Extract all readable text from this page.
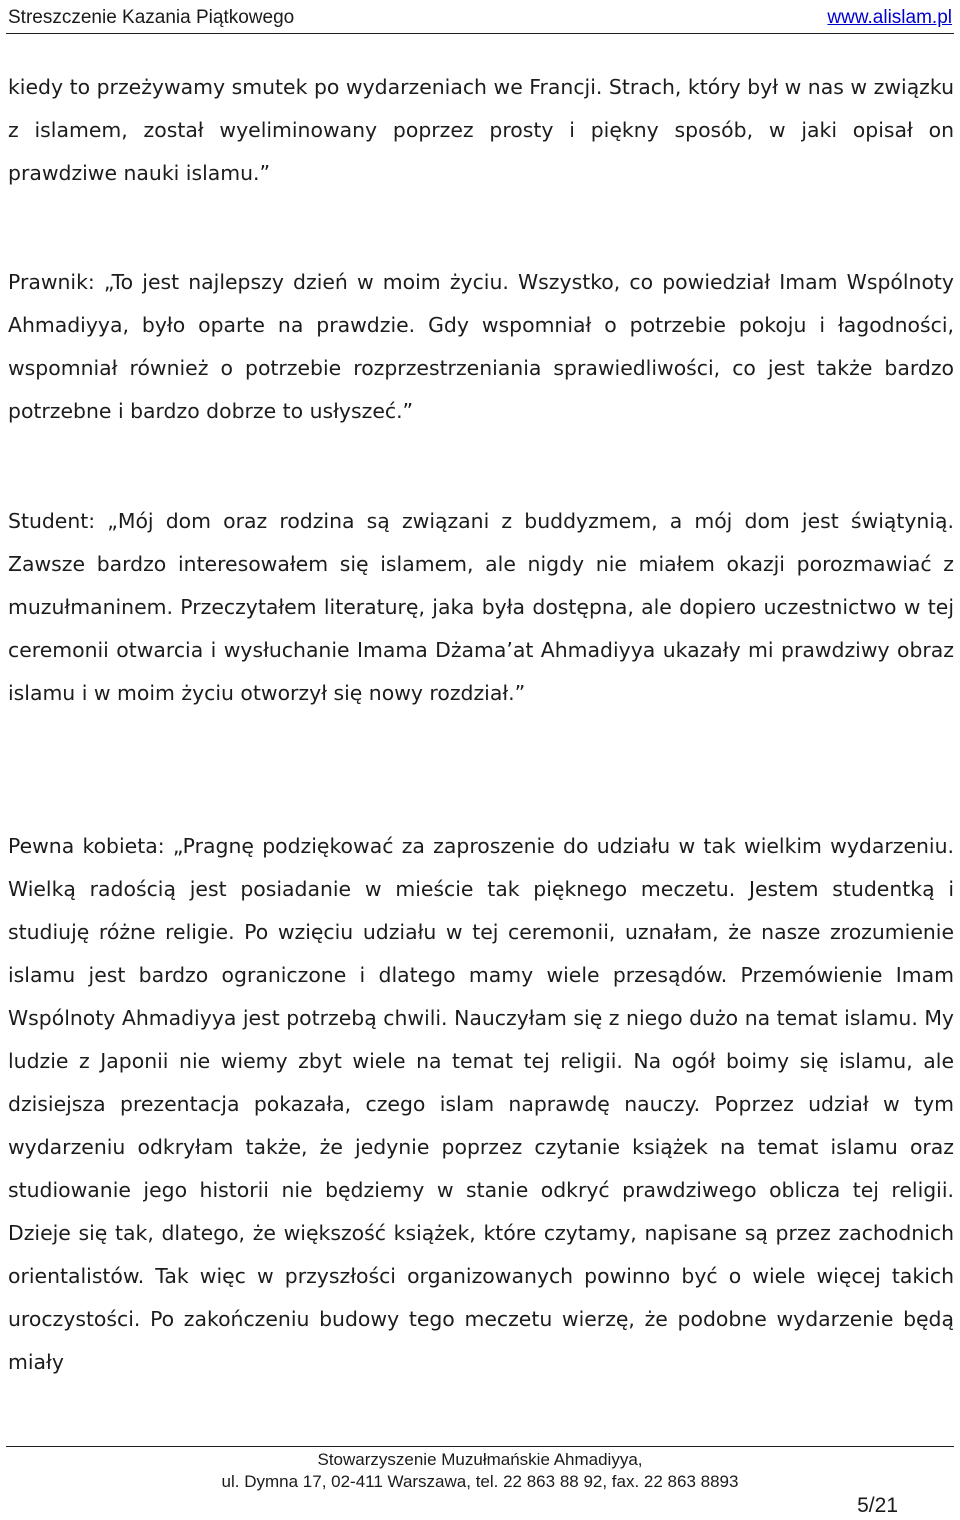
Streszczenie Kazania Piątkowego	www.alislam.pl

kiedy to przeżywamy smutek po wydarzeniach we Francji. Strach, który był w nas w związku z islamem, został wyeliminowany poprzez prosty i piękny sposób, w jaki opisał on prawdziwe nauki islamu.”

Prawnik: „To jest najlepszy dzień w moim życiu. Wszystko, co powiedział Imam Wspólnoty Ahmadiyya, było oparte na prawdzie. Gdy wspomniał o potrzebie pokoju i łagodności, wspomniał również o potrzebie rozprzestrzeniania sprawiedliwości, co jest także bardzo potrzebne i bardzo dobrze to usłyszeć.”

Student: „Mój dom oraz rodzina są związani z buddyzmem, a mój dom jest świątynią. Zawsze bardzo interesowałem się islamem, ale nigdy nie miałem okazji porozmawiać z muzułmaninem. Przeczytałem literaturę, jaka była dostępna, ale dopiero uczestnictwo w tej ceremonii otwarcia i wysłuchanie Imama Dżama’at Ahmadiyya ukazały mi prawdziwy obraz islamu i w moim życiu otworzył się nowy rozdział.”

Pewna kobieta: „Pragnę podziękować za zaproszenie do udziału w tak wielkim wydarzeniu. Wielką radością jest posiadanie w mieście tak pięknego meczetu. Jestem studentką i studiuję różne religie. Po wzięciu udziału w tej ceremonii, uznałam, że nasze zrozumienie islamu jest bardzo ograniczone i dlatego mamy wiele przesądów. Przemówienie Imam Wspólnoty Ahmadiyya jest potrzebą chwili. Nauczyłam się z niego dużo na temat islamu. My ludzie z Japonii nie wiemy zbyt wiele na temat tej religii. Na ogół boimy się islamu, ale dzisiejsza prezentacja pokazała, czego islam naprawdę nauczy. Poprzez udział w tym wydarzeniu odkryłam także, że jedynie poprzez czytanie książek na temat islamu oraz studiowanie jego historii nie będziemy w stanie odkryć prawdziwego oblicza tej religii. Dzieje się tak, dlatego, że większość książek, które czytamy, napisane są przez zachodnich orientalistów. Tak więc w przyszłości organizowanych powinno być o wiele więcej takich uroczystości. Po zakończeniu budowy tego meczetu wierzę, że podobne wydarzenie będą miały

Stowarzyszenie Muzułmańskie Ahmadiyya,
ul. Dymna 17, 02-411 Warszawa, tel. 22 863 88 92, fax. 22 863 8893
5/21
